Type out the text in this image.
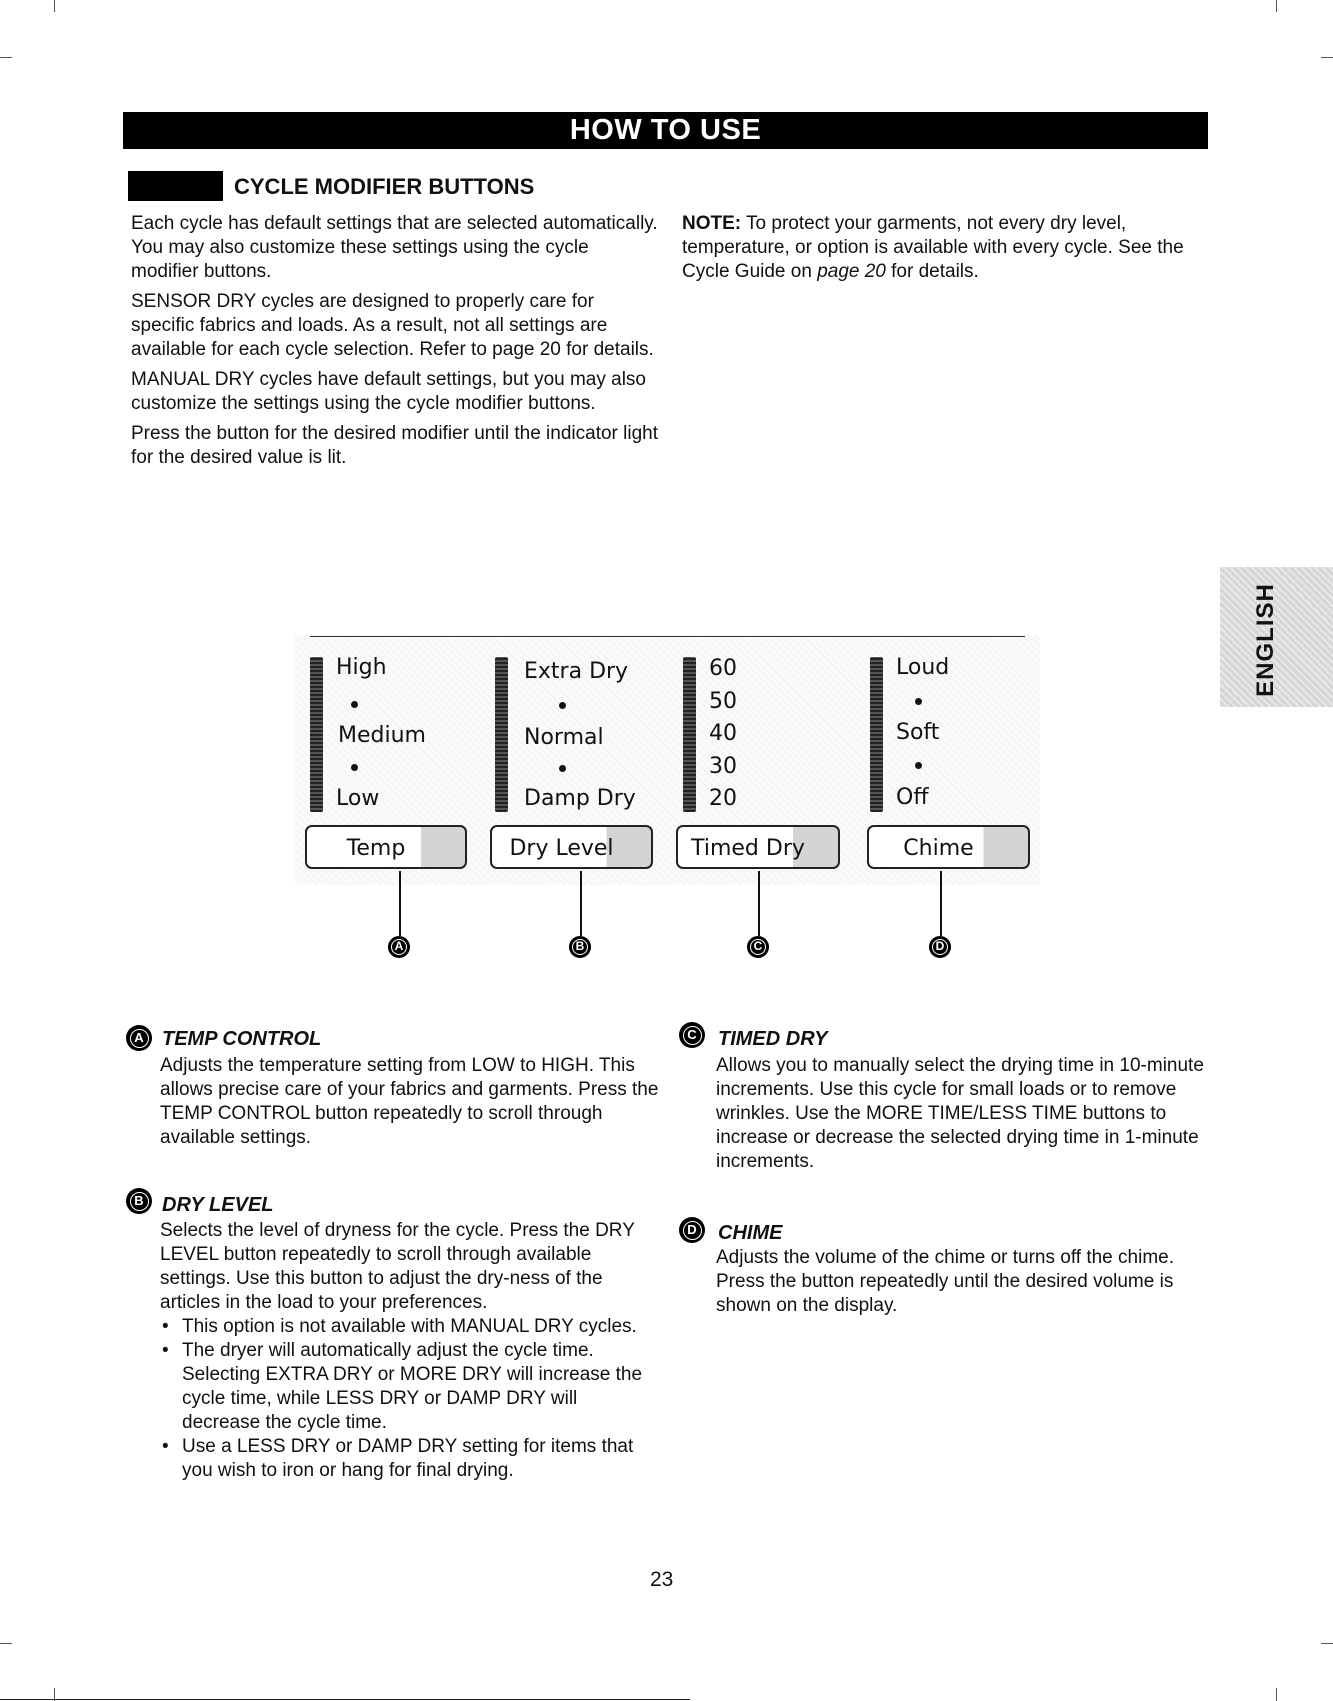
HOW TO USE
CYCLE MODIFIER BUTTONS

Each cycle has default settings that are selected automatically. You may also customize these settings using the cycle modifier buttons.

SENSOR DRY cycles are designed to properly care for specific fabrics and loads. As a result, not all settings are available for each cycle selection. Refer to page 20 for details.

MANUAL DRY cycles have default settings, but you may also customize the settings using the cycle modifier buttons.

Press the button for the desired modifier until the indicator light for the desired value is lit.

NOTE: To protect your garments, not every dry level, temperature, or option is available with every cycle. See the Cycle Guide on page 20 for details.

High
Medium
Low
Temp
Extra Dry
Normal
Damp Dry
Dry Level
60
50
40
30
20
Timed Dry
Loud
Soft
Off
Chime
A	B	C	D
A TEMP CONTROL

Adjusts the temperature setting from LOW to HIGH. This allows precise care of your fabrics and garments. Press the TEMP CONTROL button repeatedly to scroll through available settings.

B DRY LEVEL

Selects the level of dryness for the cycle. Press the DRY LEVEL button repeatedly to scroll through available settings. Use this button to adjust the dry-ness of the articles in the load to your preferences.

• This option is not available with MANUAL DRY cycles.
• The dryer will automatically adjust the cycle time. Selecting EXTRA DRY or MORE DRY will increase the cycle time, while LESS DRY or DAMP DRY will decrease the cycle time.
• Use a LESS DRY or DAMP DRY setting for items that you wish to iron or hang for final drying.
C TIMED DRY

Allows you to manually select the drying time in 10-minute increments. Use this cycle for small loads or to remove wrinkles. Use the MORE TIME/LESS TIME buttons to increase or decrease the selected drying time in 1-minute increments.

D CHIME

Adjusts the volume of the chime or turns off the chime. Press the button repeatedly until the desired volume is shown on the display.

ENGLISH
23
